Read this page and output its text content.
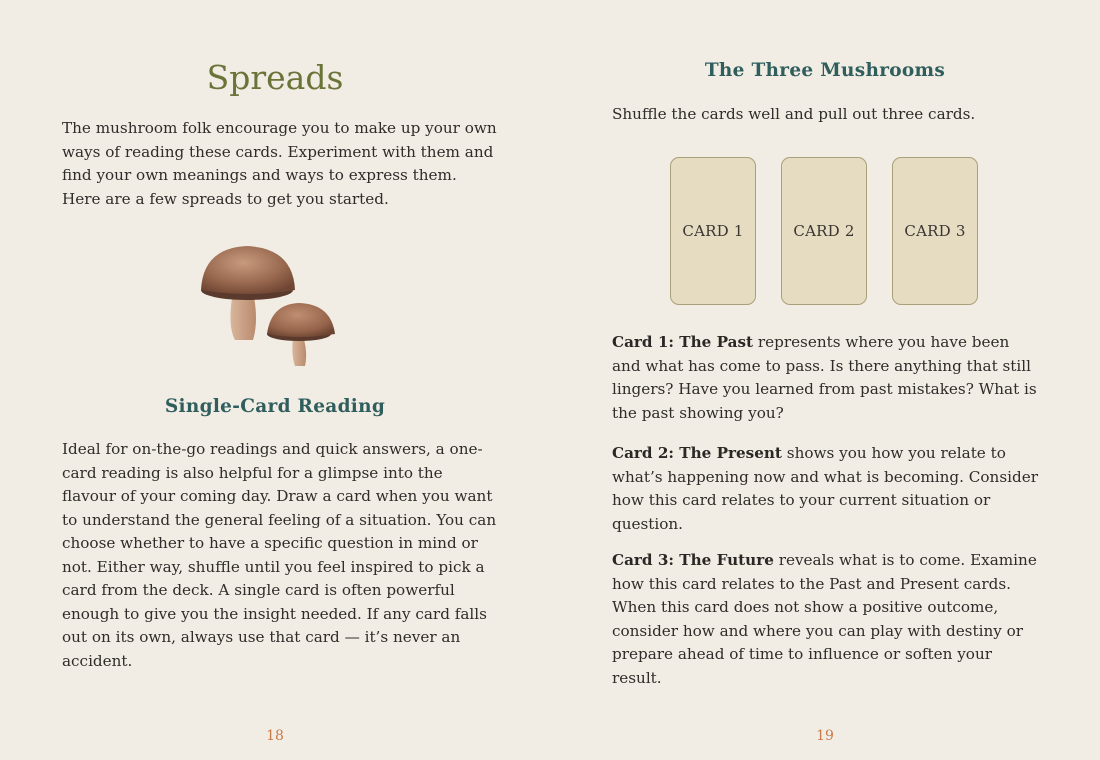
Spreads

The mushroom folk encourage you to make up your own ways of reading these cards. Experiment with them and find your own meanings and ways to express them. Here are a few spreads to get you started.

Single-Card Reading

Ideal for on-the-go readings and quick answers, a one-card reading is also helpful for a glimpse into the flavour of your coming day. Draw a card when you want to understand the general feeling of a situation. You can choose whether to have a specific question in mind or not. Either way, shuffle until you feel inspired to pick a card from the deck. A single card is often powerful enough to give you the insight needed. If any card falls out on its own, always use that card — it’s never an accident.

18
The Three Mushrooms

Shuffle the cards well and pull out three cards.

CARD 1	CARD 2	CARD 3

Card 1: The Past represents where you have been and what has come to pass. Is there anything that still lingers? Have you learned from past mistakes? What is the past showing you?

Card 2: The Present shows you how you relate to what’s happening now and what is becoming. Consider how this card relates to your current situation or question.

Card 3: The Future reveals what is to come. Examine how this card relates to the Past and Present cards. When this card does not show a positive outcome, consider how and where you can play with destiny or prepare ahead of time to influence or soften your result.

19
